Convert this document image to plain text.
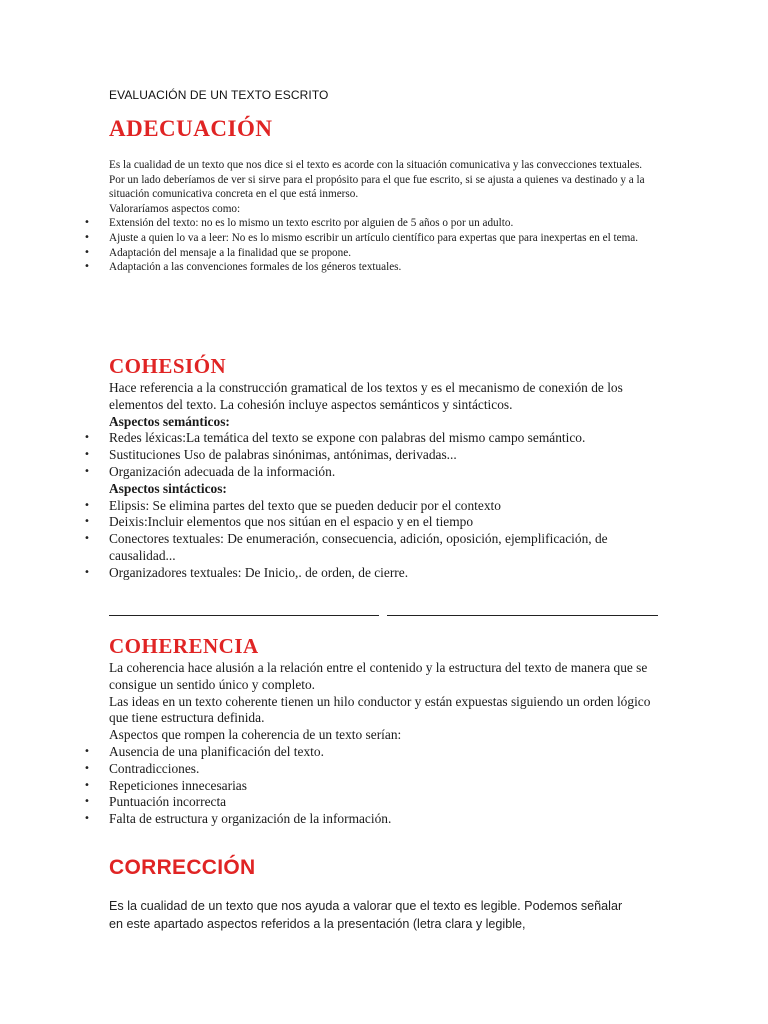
EVALUACIÓN DE UN TEXTO ESCRITO
ADECUACIÓN

Es la cualidad de un texto que nos dice si el texto es acorde con la situación comunicativa y las convecciones textuales.

Por un lado deberíamos de ver si sirve para el propósito para el que fue escrito, si se ajusta a quienes va destinado y a la situación comunicativa concreta en el que está inmerso.

Valoraríamos aspectos como:

• Extensión del texto: no es lo mismo un texto escrito por alguien de 5 años o por un adulto.
• Ajuste a quien lo va a leer: No es lo mismo escribir un artículo científico para expertas que para inexpertas en el tema.
• Adaptación del mensaje a la finalidad que se propone.
• Adaptación a las convenciones formales de los géneros textuales.
COHESIÓN

Hace referencia a la construcción gramatical de los textos y es el mecanismo de conexión de los elementos del texto. La cohesión incluye aspectos semánticos y sintácticos.

Aspectos semánticos:

• Redes léxicas:La temática del texto se expone con palabras del mismo campo semántico.
• Sustituciones Uso de palabras sinónimas, antónimas, derivadas...
• Organización adecuada de la información.

Aspectos sintácticos:

• Elipsis: Se elimina partes del texto que se pueden deducir por el contexto
• Deixis:Incluir elementos que nos sitúan en el espacio y en el tiempo
• Conectores textuales: De enumeración, consecuencia, adición, oposición, ejemplificación, de causalidad...
• Organizadores textuales: De Inicio,. de orden, de cierre.
COHERENCIA

La coherencia hace alusión a la relación entre el contenido y la estructura del texto de manera que se consigue un sentido único y completo.

Las ideas en un texto coherente tienen un hilo conductor y están expuestas siguiendo un orden lógico que tiene estructura definida.

Aspectos que rompen la coherencia de un texto serían:

• Ausencia de una planificación del texto.
• Contradicciones.
• Repeticiones innecesarias
• Puntuación incorrecta
• Falta de estructura y organización de la información.
CORRECCIÓN

Es la cualidad de un texto que nos ayuda a valorar que el texto es legible. Podemos señalar en este apartado aspectos referidos a la presentación (letra clara y legible,
